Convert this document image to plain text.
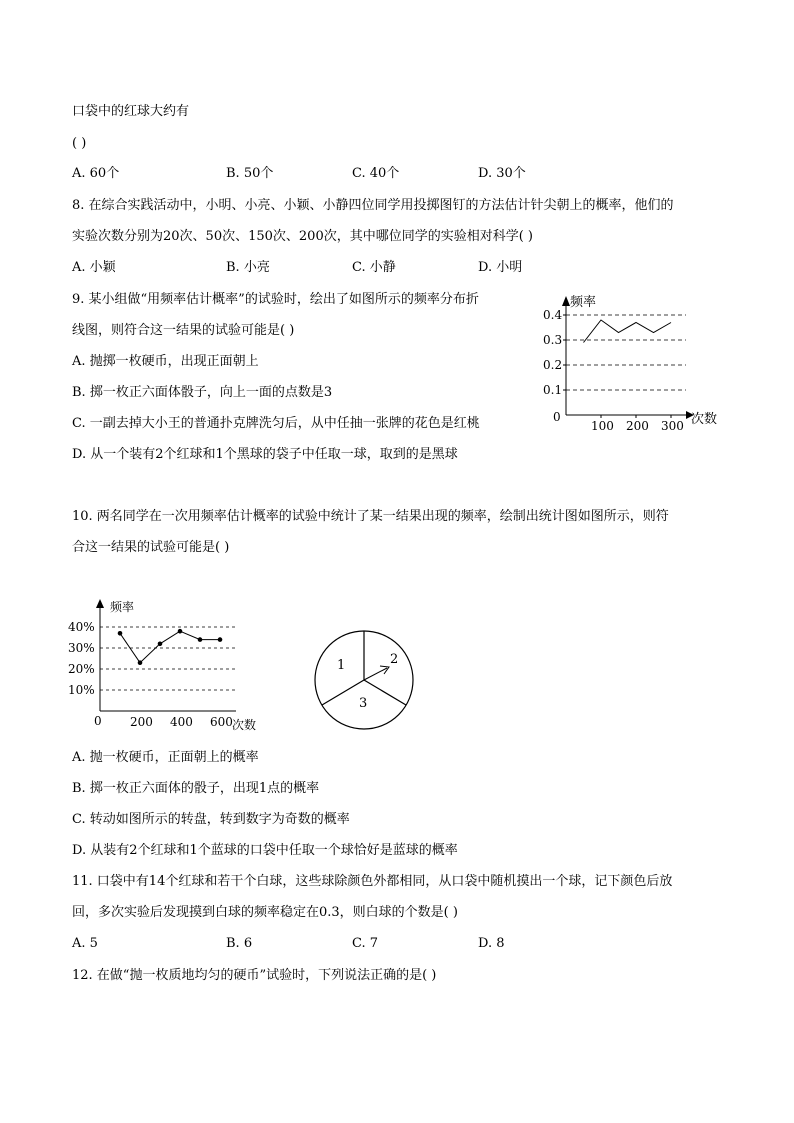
口袋中的红球大约有
( )
A. 60个	B. 50个	C. 40个	D. 30个
8. 在综合实践活动中，小明、小亮、小颖、小静四位同学用投掷图钉的方法估计针尖朝上的概率，他们的
实验次数分别为20次、50次、150次、200次，其中哪位同学的实验相对科学( )
A. 小颖	B. 小亮	C. 小静	D. 小明
9. 某小组做“用频率估计概率”的试验时，绘出了如图所示的频率分布折
线图，则符合这一结果的试验可能是( )
A. 抛掷一枚硬币，出现正面朝上
B. 掷一枚正六面体骰子，向上一面的点数是3
C. 一副去掉大小王的普通扑克牌洗匀后，从中任抽一张牌的花色是红桃
D. 从一个装有2个红球和1个黑球的袋子中任取一球，取到的是黑球
频率
次数
0
0.1
0.2
0.3
0.4
100 200 300
10. 两名同学在一次用频率估计概率的试验中统计了某一结果出现的频率，绘制出统计图如图所示，则符
合这一结果的试验可能是( )
频率
次数
0
10%
20%
30%
40%
200 400 600
1	2
3
A. 抛一枚硬币，正面朝上的概率
B. 掷一枚正六面体的骰子，出现1点的概率
C. 转动如图所示的转盘，转到数字为奇数的概率
D. 从装有2个红球和1个蓝球的口袋中任取一个球恰好是蓝球的概率
11. 口袋中有14个红球和若干个白球，这些球除颜色外都相同，从口袋中随机摸出一个球，记下颜色后放
回，多次实验后发现摸到白球的频率稳定在0.3，则白球的个数是( )
A. 5	B. 6	C. 7	D. 8
12. 在做“抛一枚质地均匀的硬币”试验时，下列说法正确的是( )
